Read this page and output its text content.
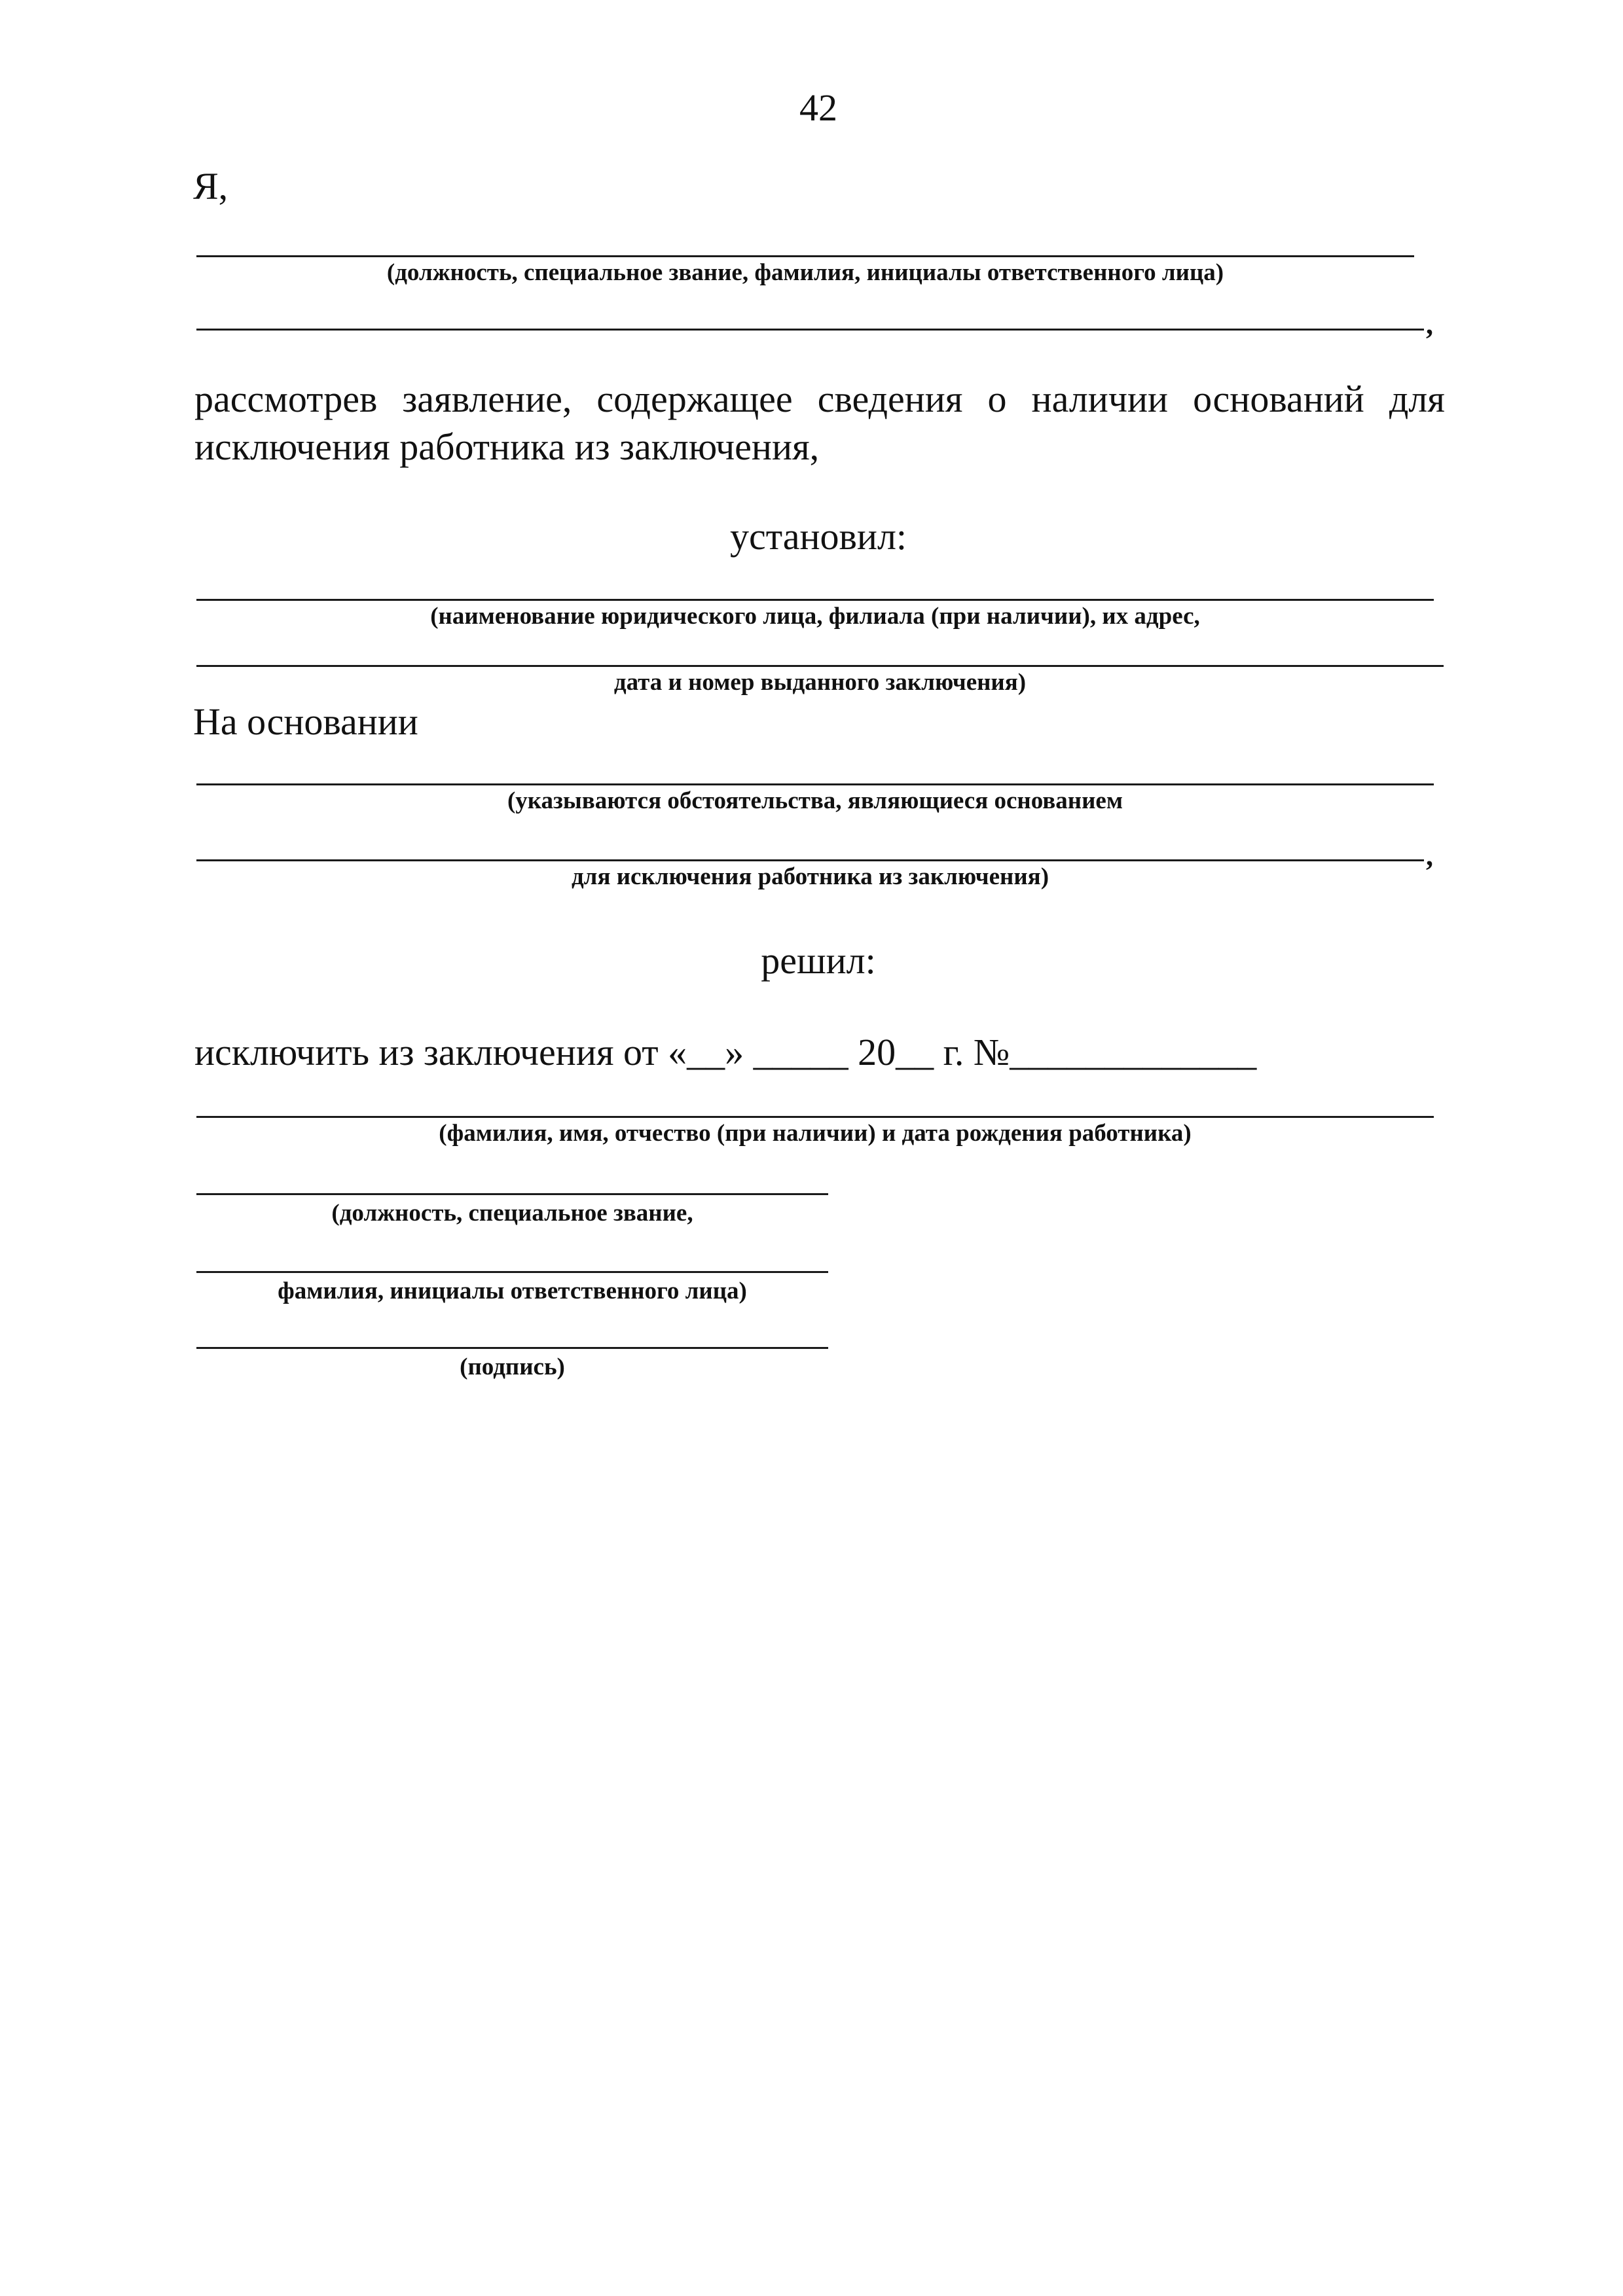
42
Я,
(должность, специальное звание, фамилия, инициалы ответственного лица)
,
рассмотрев заявление, содержащее сведения о наличии оснований для
исключения работника из заключения,
установил:
(наименование юридического лица, филиала (при наличии), их адрес,
дата и номер выданного заключения)
На основании
(указываются обстоятельства, являющиеся основанием
,
для исключения работника из заключения)
решил:
исключить из заключения от «__» _____ 20__ г. №_____________
(фамилия, имя, отчество (при наличии) и дата рождения работника)
(должность, специальное звание,
фамилия, инициалы ответственного лица)
(подпись)
